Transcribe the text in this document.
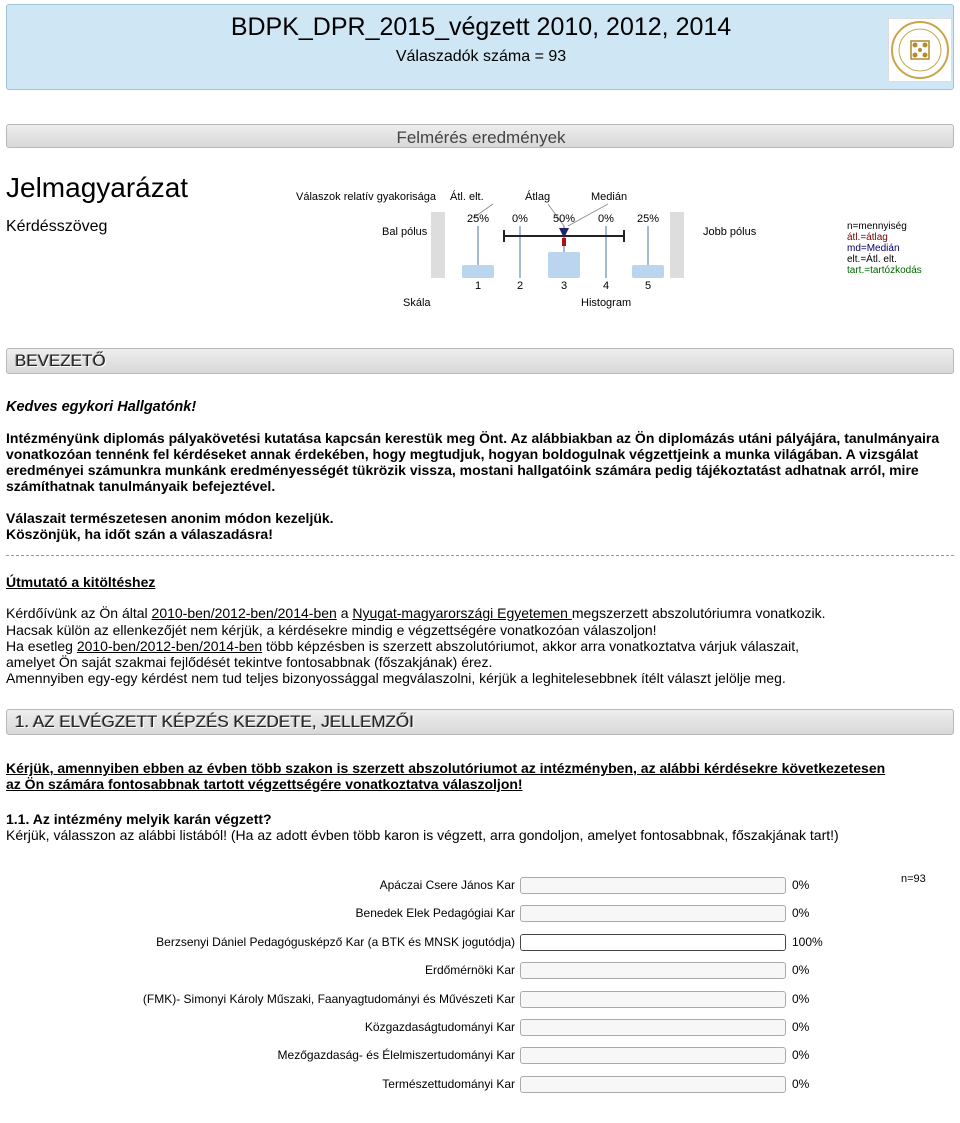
BDPK_DPR_2015_végzett 2010, 2012, 2014
Válaszadók száma = 93
Felmérés eredmények
Jelmagyarázat
Kérdésszöveg
Válaszok relatív gyakorisága Átl. elt.	Átlag	Medián
Bal pólus	Jobb pólus
Skála	Histogram
25% 0% 50% 0% 25%
1	2	3	4	5
n=mennyiség
átl.=átlag
md=Medián
elt.=Átl. elt.
tart.=tartózkodás
BEVEZETŐ
Kedves egykori Hallgatónk!
Intézményünk diplomás pályakövetési kutatása kapcsán kerestük meg Önt. Az alábbiakban az Ön diplomázás utáni pályájára, tanulmányaira vonatkozóan tennénk fel kérdéseket annak érdekében, hogy megtudjuk, hogyan boldogulnak végzettjeink a munka világában. A vizsgálat eredményei számunkra munkánk eredményességét tükrözik vissza, mostani hallgatóink számára pedig tájékoztatást adhatnak arról, mire számíthatnak tanulmányaik befejeztével.
Válaszait természetesen anonim módon kezeljük.
Köszönjük, ha időt szán a válaszadásra!
Útmutató a kitöltéshez
Kérdőívünk az Ön által 2010-ben/2012-ben/2014-ben a Nyugat-magyarországi Egyetemen megszerzett abszolutóriumra vonatkozik.
Hacsak külön az ellenkezőjét nem kérjük, a kérdésekre mindig e végzettségére vonatkozóan válaszoljon!
Ha esetleg 2010-ben/2012-ben/2014-ben több képzésben is szerzett abszolutóriumot, akkor arra vonatkoztatva várjuk válaszait,
amelyet Ön saját szakmai fejlődését tekintve fontosabbnak (főszakjának) érez.
Amennyiben egy-egy kérdést nem tud teljes bizonyossággal megválaszolni, kérjük a leghitelesebbnek ítélt választ jelölje meg.
1. AZ ELVÉGZETT KÉPZÉS KEZDETE, JELLEMZŐI
Kérjük, amennyiben ebben az évben több szakon is szerzett abszolutóriumot az intézményben, az alábbi kérdésekre következetesen
az Ön számára fontosabbnak tartott végzettségére vonatkoztatva válaszoljon!
1.1. Az intézmény melyik karán végzett?
Kérjük, válasszon az alábbi listából! (Ha az adott évben több karon is végzett, arra gondoljon, amelyet fontosabbnak, főszakjának tart!)
n=93
Apáczai Csere János Kar	0%
Benedek Elek Pedagógiai Kar	0%
Berzsenyi Dániel Pedagógusképző Kar (a BTK és MNSK jogutódja)	100%
Erdőmérnöki Kar	0%
(FMK)- Simonyi Károly Műszaki, Faanyagtudományi és Művészeti Kar	0%
Közgazdaságtudományi Kar	0%
Mezőgazdaság- és Élelmiszertudományi Kar	0%
Természettudományi Kar	0%
